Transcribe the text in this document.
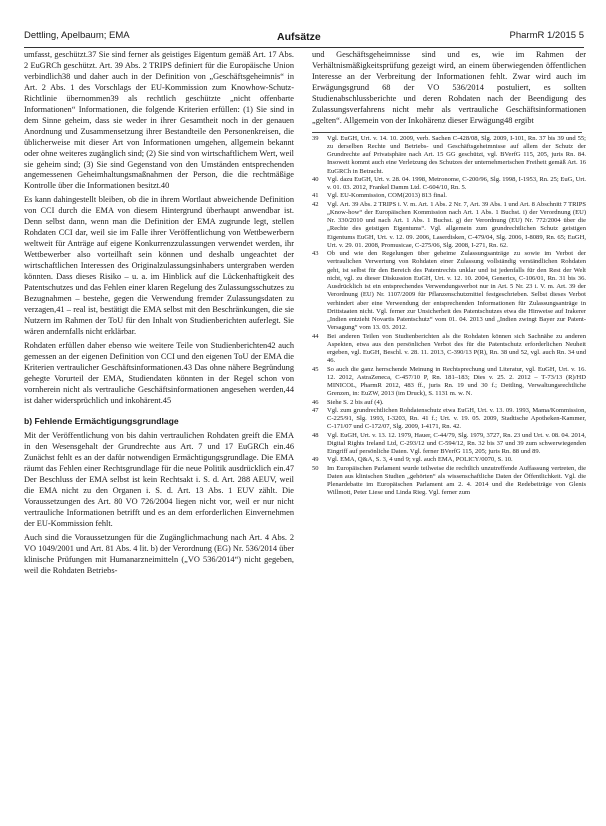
Dettling, Apelbaum; EMA	Aufsätze	PharmR 1/2015 5

umfasst, geschützt.37 Sie sind ferner als geistiges Eigentum gemäß Art. 17 Abs. 2 EuGRCh geschützt. Art. 39 Abs. 2 TRIPS definiert für die Europäische Union verbindlich38 und daher auch in der Definition von „Geschäftsgeheimnis“ in Art. 2 Abs. 1 des Vorschlags der EU-Kommission zum Knowhow-Schutz-Richtlinie übernommen39 als rechtlich geschützte „nicht offenbarte Informationen“ Informationen, die folgende Kriterien erfüllen: (1) Sie sind in dem Sinne geheim, dass sie weder in ihrer Gesamtheit noch in der genauen Anordnung und Zusammensetzung ihrer Bestandteile den Personenkreisen, die üblicherweise mit dieser Art von Informationen umgehen, allgemein bekannt oder ohne weiteres zugänglich sind; (2) Sie sind von wirtschaftlichem Wert, weil sie geheim sind; (3) Sie sind Gegenstand von den Umständen entsprechenden angemessenen Geheimhaltungsmaßnahmen der Person, die die rechtmäßige Kontrolle über die Informationen besitzt.40

Es kann dahingestellt bleiben, ob die in ihrem Wortlaut abweichende Definition von CCI durch die EMA von diesem Hintergrund überhaupt anwendbar ist. Denn selbst dann, wenn man die Definition der EMA zugrunde legt, stellen Rohdaten CCI dar, weil sie im Falle ihrer Veröffentlichung von Wettbewerbern weltweit für Anträge auf eigene Konkurrenzzulassungen verwendet werden, ihr Wettbewerber also vorteilhaft sein können und deshalb ungeachtet der wirtschaftlichen Interessen des Originalzulassungsinhabers untergraben werden könnten. Dass dieses Risiko – u. a. im Hinblick auf die Lückenhaftigkeit des Patentschutzes und das Fehlen einer klaren Regelung des Zulassungsschutzes zu Bezugnahmen – bestehe, gegen die Verwendung fremder Zulassungsdaten zu verzagen,41 – real ist, bestätigt die EMA selbst mit den Beschränkungen, die sie Nutzern im Rahmen der ToU für den Inhalt von Studienberichten auferlegt. Sie wären andernfalls nicht erklärbar.

Rohdaten erfüllen daher ebenso wie weitere Teile von Studienberichten42 auch gemessen an der eigenen Definition von CCI und den eigenen ToU der EMA die Kriterien vertraulicher Geschäftsinformationen.43 Das ohne nähere Begründung gehegte Vorurteil der EMA, Studiendaten könnten in der Regel schon von vornherein nicht als vertrauliche Geschäftsinformationen angesehen werden,44 ist daher widersprüchlich und inkohärent.45

b) Fehlende Ermächtigungsgrundlage

Mit der Veröffentlichung von bis dahin vertraulichen Rohdaten greift die EMA in den Wesensgehalt der Grundrechte aus Art. 7 und 17 EuGRCh ein.46 Zunächst fehlt es an der dafür notwendigen Ermächtigungsgrundlage. Die EMA räumt das Fehlen einer Rechtsgrundlage für die neue Politik ausdrücklich ein.47 Der Beschluss der EMA selbst ist kein Rechtsakt i. S. d. Art. 288 AEUV, weil die EMA nicht zu den Organen i. S. d. Art. 13 Abs. 1 EUV zählt. Die Voraussetzungen des Art. 80 VO 726/2004 liegen nicht vor, weil er nur nicht vertrauliche Informationen betrifft und es an dem erforderlichen Einvernehmen der EU-Kommission fehlt.

Auch sind die Voraussetzungen für die Zugänglichmachung nach Art. 4 Abs. 2 VO 1049/2001 und Art. 81 Abs. 4 lit. b) der Verordnung (EG) Nr. 536/2014 über klinische Prüfungen mit Humanarzneimitteln („VO 536/2014“) nicht gegeben, weil die Rohdaten Betriebs-

und Geschäftsgeheimnisse sind und es, wie im Rahmen der Verhältnismäßigkeitsprüfung gezeigt wird, an einem überwiegenden öffentlichen Interesse an der Verbreitung der Informationen fehlt. Zwar wird auch im Erwägungsgrund 68 der VO 536/2014 postuliert, es sollten Studienabschlussberichte und deren Rohdaten nach der Beendigung des Zulassungsverfahrens nicht mehr als vertrauliche Geschäftsinformationen „gelten“. Allgemein von der Inkohärenz dieser Erwägung48 ergibt

39	Vgl. EuGH, Urt. v. 14. 10. 2009, verb. Sachen C‑428/08, Slg. 2009, I‑101, Rn. 37 bis 39 und 55; zu derselben Rechte und Betriebs- und Geschäftsgeheimnisse auf allem der Schutz der Grundrechte auf Privatsphäre nach Art. 15 GG geschützt, vgl. BVerfG 115, 205, juris Rn. 84. Insoweit kommt auch eine Verletzung des Schutzes der unternehmerischen Freiheit gemäß Art. 16 EuGRCh in Betracht.
40	Vgl. dazu EuGH, Urt. v. 28. 04. 1998, Metronome, C‑200/96, Slg. 1998, I‑1953, Rn. 25; EuG, Urt. v. 01. 03. 2012, Frankel Damm Ltd. C‑604/10, Rn. 5.
41	Vgl. EU-Kommission, COM(2013) 813 final.
42	Vgl. Art. 39 Abs. 2 TRIPS i. V. m. Art. 1 Abs. 2 Nr. 7, Art. 39 Abs. 1 und Art. 8 Abschnitt 7 TRIPS „Know-how“ der Europäischen Kommission nach Art. 1 Abs. 1 Buchst. i) der Verordnung (EU) Nr. 330/2010 und nach Art. 1 Abs. 1 Buchst. g) der Verordnung (EU) Nr. 772/2004 über die „Rechte des geistigen Eigentums“. Vgl. allgemein zum grundrechtlichen Schutz geistigen Eigentums EuGH, Urt. v. 12. 09. 2006, Laserdisken, C‑479/04, Slg. 2006, I‑8089, Rn. 65; EuGH, Urt. v. 29. 01. 2008, Promusicae, C‑275/06, Slg. 2008, I‑271, Rn. 62.
43	Ob und wie den Regelungen über geheime Zulassungsanträge zu sowie im Verbot der vertraulichen Verwertung von Rohdaten einer Zulassung vollständig verständlichen Rohdaten geht, ist selbst für den Bereich des Patentrechts unklar und ist jedenfalls für den Rest der Welt nicht, vgl. zu dieser Diskussion EuGH, Urt. v. 12. 10. 2004, Generics, C‑106/01, Rn. 31 bis 36. Ausdrücklich ist ein entsprechendes Verwendungsverbot nur in Art. 5 Nr. 23 i. V. m. Art. 39 der Verordnung (EU) Nr. 1107/2009 für Pflanzenschutzmittel festgeschrieben. Selbst dieses Verbot verhindert aber eine Verwendung der entsprechenden Informationen für Zulassungsanträge in Drittstaaten nicht. Vgl. ferner zur Unsicherheit des Patentschutzes etwa die Hinweise auf Irakerer „Indien entzieht Novartis Patentschutz“ vom 01. 04. 2013 und „Indien zwingt Bayer zur Patent-Versagung“ vom 13. 03. 2012.
44	Bei anderen Teilen von Studienberichten als die Rohdaten können sich Sachnähe zu anderen Aspekten, etwa aus den persönlichen Verbot des für die Patentschutz erforderlichen Neuheit ergeben, vgl. EuGH, Beschl. v. 28. 11. 2013, C‑390/13 P(R), Rn. 38 und 52, vgl. auch Rn. 34 und 46.
45	So auch die ganz herrschende Meinung in Rechtsprechung und Literatur, vgl. EuGH, Urt. v. 16. 12. 2012, AstraZeneca, C‑457/10 P, Rn. 181–183; Dies v. 25. 2. 2012 – T‑73/13 (R)/HD MINICOL, PharmR 2012, 483 ff., juris Rn. 19 und 30 f.; Dettling, Verwaltungsrechtliche Grenzen, in: EuZW, 2013 (im Druck), S. 1131 m. w. N.
46	Siehe S. 2 bis auf (4).
47	Vgl. zum grundrechtlichen Rohdatenschutz etwa EuGH, Urt. v. 13. 09. 1993, Mama/Kommission, C‑225/91, Slg. 1993, I‑3203, Rn. 41 f.; Urt. v. 19. 05. 2009, Stadtische Apotheken-Kammer, C‑171/07 und C‑172/07, Slg. 2009, I‑4171, Rn. 42.
48	Vgl. EuGH, Urt. v. 13. 12. 1979, Hauer, C‑44/79, Slg. 1979, 3727, Rn. 23 und Urt. v. 08. 04. 2014, Digital Rights Ireland Ltd, C‑293/12 und C‑594/12, Rn. 32 bis 37 und 39 zum schwerwiegenden Eingriff auf persönliche Daten. Vgl. ferner BVerfG 115, 205; juris Rn. 88 und 89.
49	Vgl. EMA, Q&A, S. 3, 4 und 9; vgl. auch EMA, POLICY/0070, S. 10.
50	Im Europäischen Parlament wurde teilweise die rechtlich unzutreffende Auffassung vertreten, die Daten aus klinischen Studien „gehörten“ als wissenschaftliche Daten der Öffentlichkeit. Vgl. die Plenardebatte im Europäischen Parlament am 2. 4. 2014 und die Redebeiträge von Glenis Willmott, Peter Liese und Linda Rieg. Vgl. ferner zum
